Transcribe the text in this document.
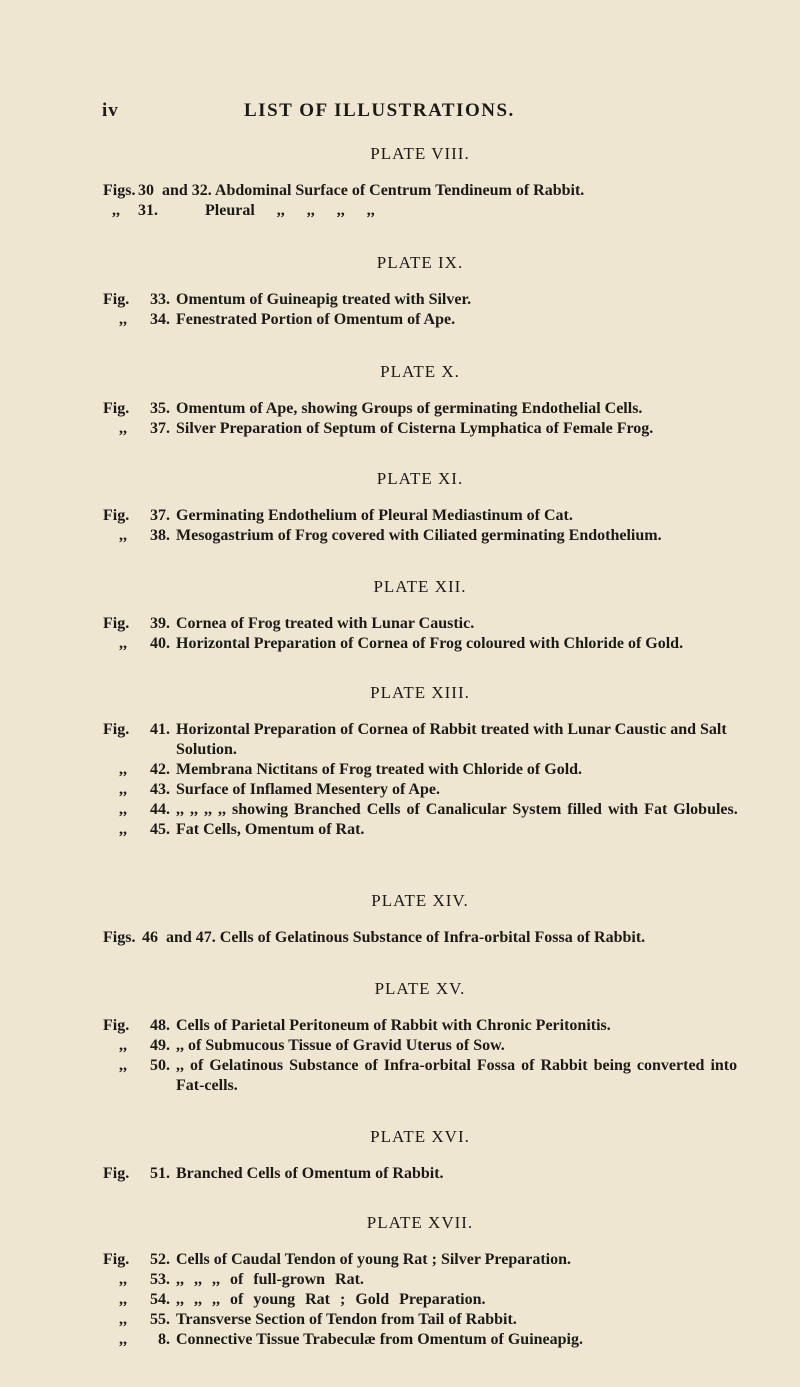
iv	LIST OF ILLUSTRATIONS.
PLATE VIII.
Figs. 30 and 32. Abdominal Surface of Centrum Tendineum of Rabbit.
,,	31.	Pleural ,, ,, ,, ,,
PLATE IX.
Fig.	33. Omentum of Guineapig treated with Silver.
,,	34. Fenestrated Portion of Omentum of Ape.
PLATE X.
Fig.	35. Omentum of Ape, showing Groups of germinating Endothelial Cells.
,,	37. Silver Preparation of Septum of Cisterna Lymphatica of Female Frog.
PLATE XI.
Fig.	37. Germinating Endothelium of Pleural Mediastinum of Cat.
,,	38. Mesogastrium of Frog covered with Ciliated germinating Endothelium.
PLATE XII.
Fig.	39. Cornea of Frog treated with Lunar Caustic.
,,	40. Horizontal Preparation of Cornea of Frog coloured with Chloride of Gold.
PLATE XIII.
Fig.	41. Horizontal Preparation of Cornea of Rabbit treated with Lunar Caustic and Salt Solution.
,,	42. Membrana Nictitans of Frog treated with Chloride of Gold.
,,	43. Surface of Inflamed Mesentery of Ape.
,,	44. ,, ,, ,, ,, showing Branched Cells of Canalicular System filled with Fat Globules.
,,	45. Fat Cells, Omentum of Rat.
PLATE XIV.
Figs. 46 and 47. Cells of Gelatinous Substance of Infra-orbital Fossa of Rabbit.
PLATE XV.
Fig.	48. Cells of Parietal Peritoneum of Rabbit with Chronic Peritonitis.
,,	49. ,, of Submucous Tissue of Gravid Uterus of Sow.
,,	50. ,, of Gelatinous Substance of Infra-orbital Fossa of Rabbit being converted into Fat-cells.
PLATE XVI.
Fig.	51. Branched Cells of Omentum of Rabbit.
PLATE XVII.
Fig.	52. Cells of Caudal Tendon of young Rat ; Silver Preparation.
,,	53. ,, ,, ,, of full-grown Rat.
,,	54. ,, ,, ,, of young Rat ; Gold Preparation.
,,	55. Transverse Section of Tendon from Tail of Rabbit.
,,	8. Connective Tissue Trabeculæ from Omentum of Guineapig.
